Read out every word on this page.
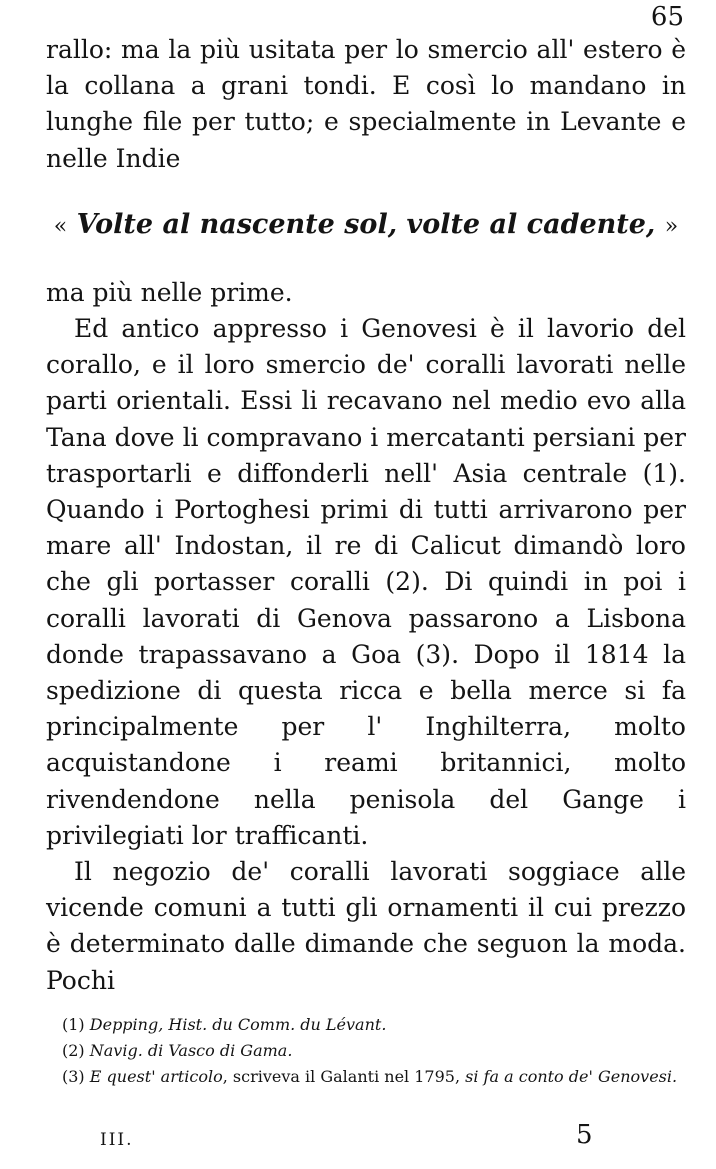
65

rallo: ma la più usitata per lo smercio all' estero è la collana a grani tondi. E così lo mandano in lunghe file per tutto; e specialmente in Levante e nelle Indie

« Volte al nascente sol, volte al cadente, »

ma più nelle prime.

Ed antico appresso i Genovesi è il lavorio del corallo, e il loro smercio de' coralli lavorati nelle parti orientali. Essi li recavano nel medio evo alla Tana dove li compravano i mercatanti persiani per trasportarli e diffonderli nell' Asia centrale (1). Quando i Portoghesi primi di tutti arrivarono per mare all' Indostan, il re di Calicut dimandò loro che gli portasser coralli (2). Di quindi in poi i coralli lavorati di Genova passarono a Lisbona donde trapassavano a Goa (3). Dopo il 1814 la spedizione di questa ricca e bella merce si fa principalmente per l' Inghilterra, molto acquistandone i reami britannici, molto rivendendone nella penisola del Gange i privilegiati lor trafficanti.

Il negozio de' coralli lavorati soggiace alle vicende comuni a tutti gli ornamenti il cui prezzo è determinato dalle dimande che seguon la moda. Pochi

(1) Depping, Hist. du Comm. du Lévant.

(2) Navig. di Vasco di Gama.

(3) E quest' articolo, scriveva il Galanti nel 1795, si fa a conto de' Genovesi.

III.	5
